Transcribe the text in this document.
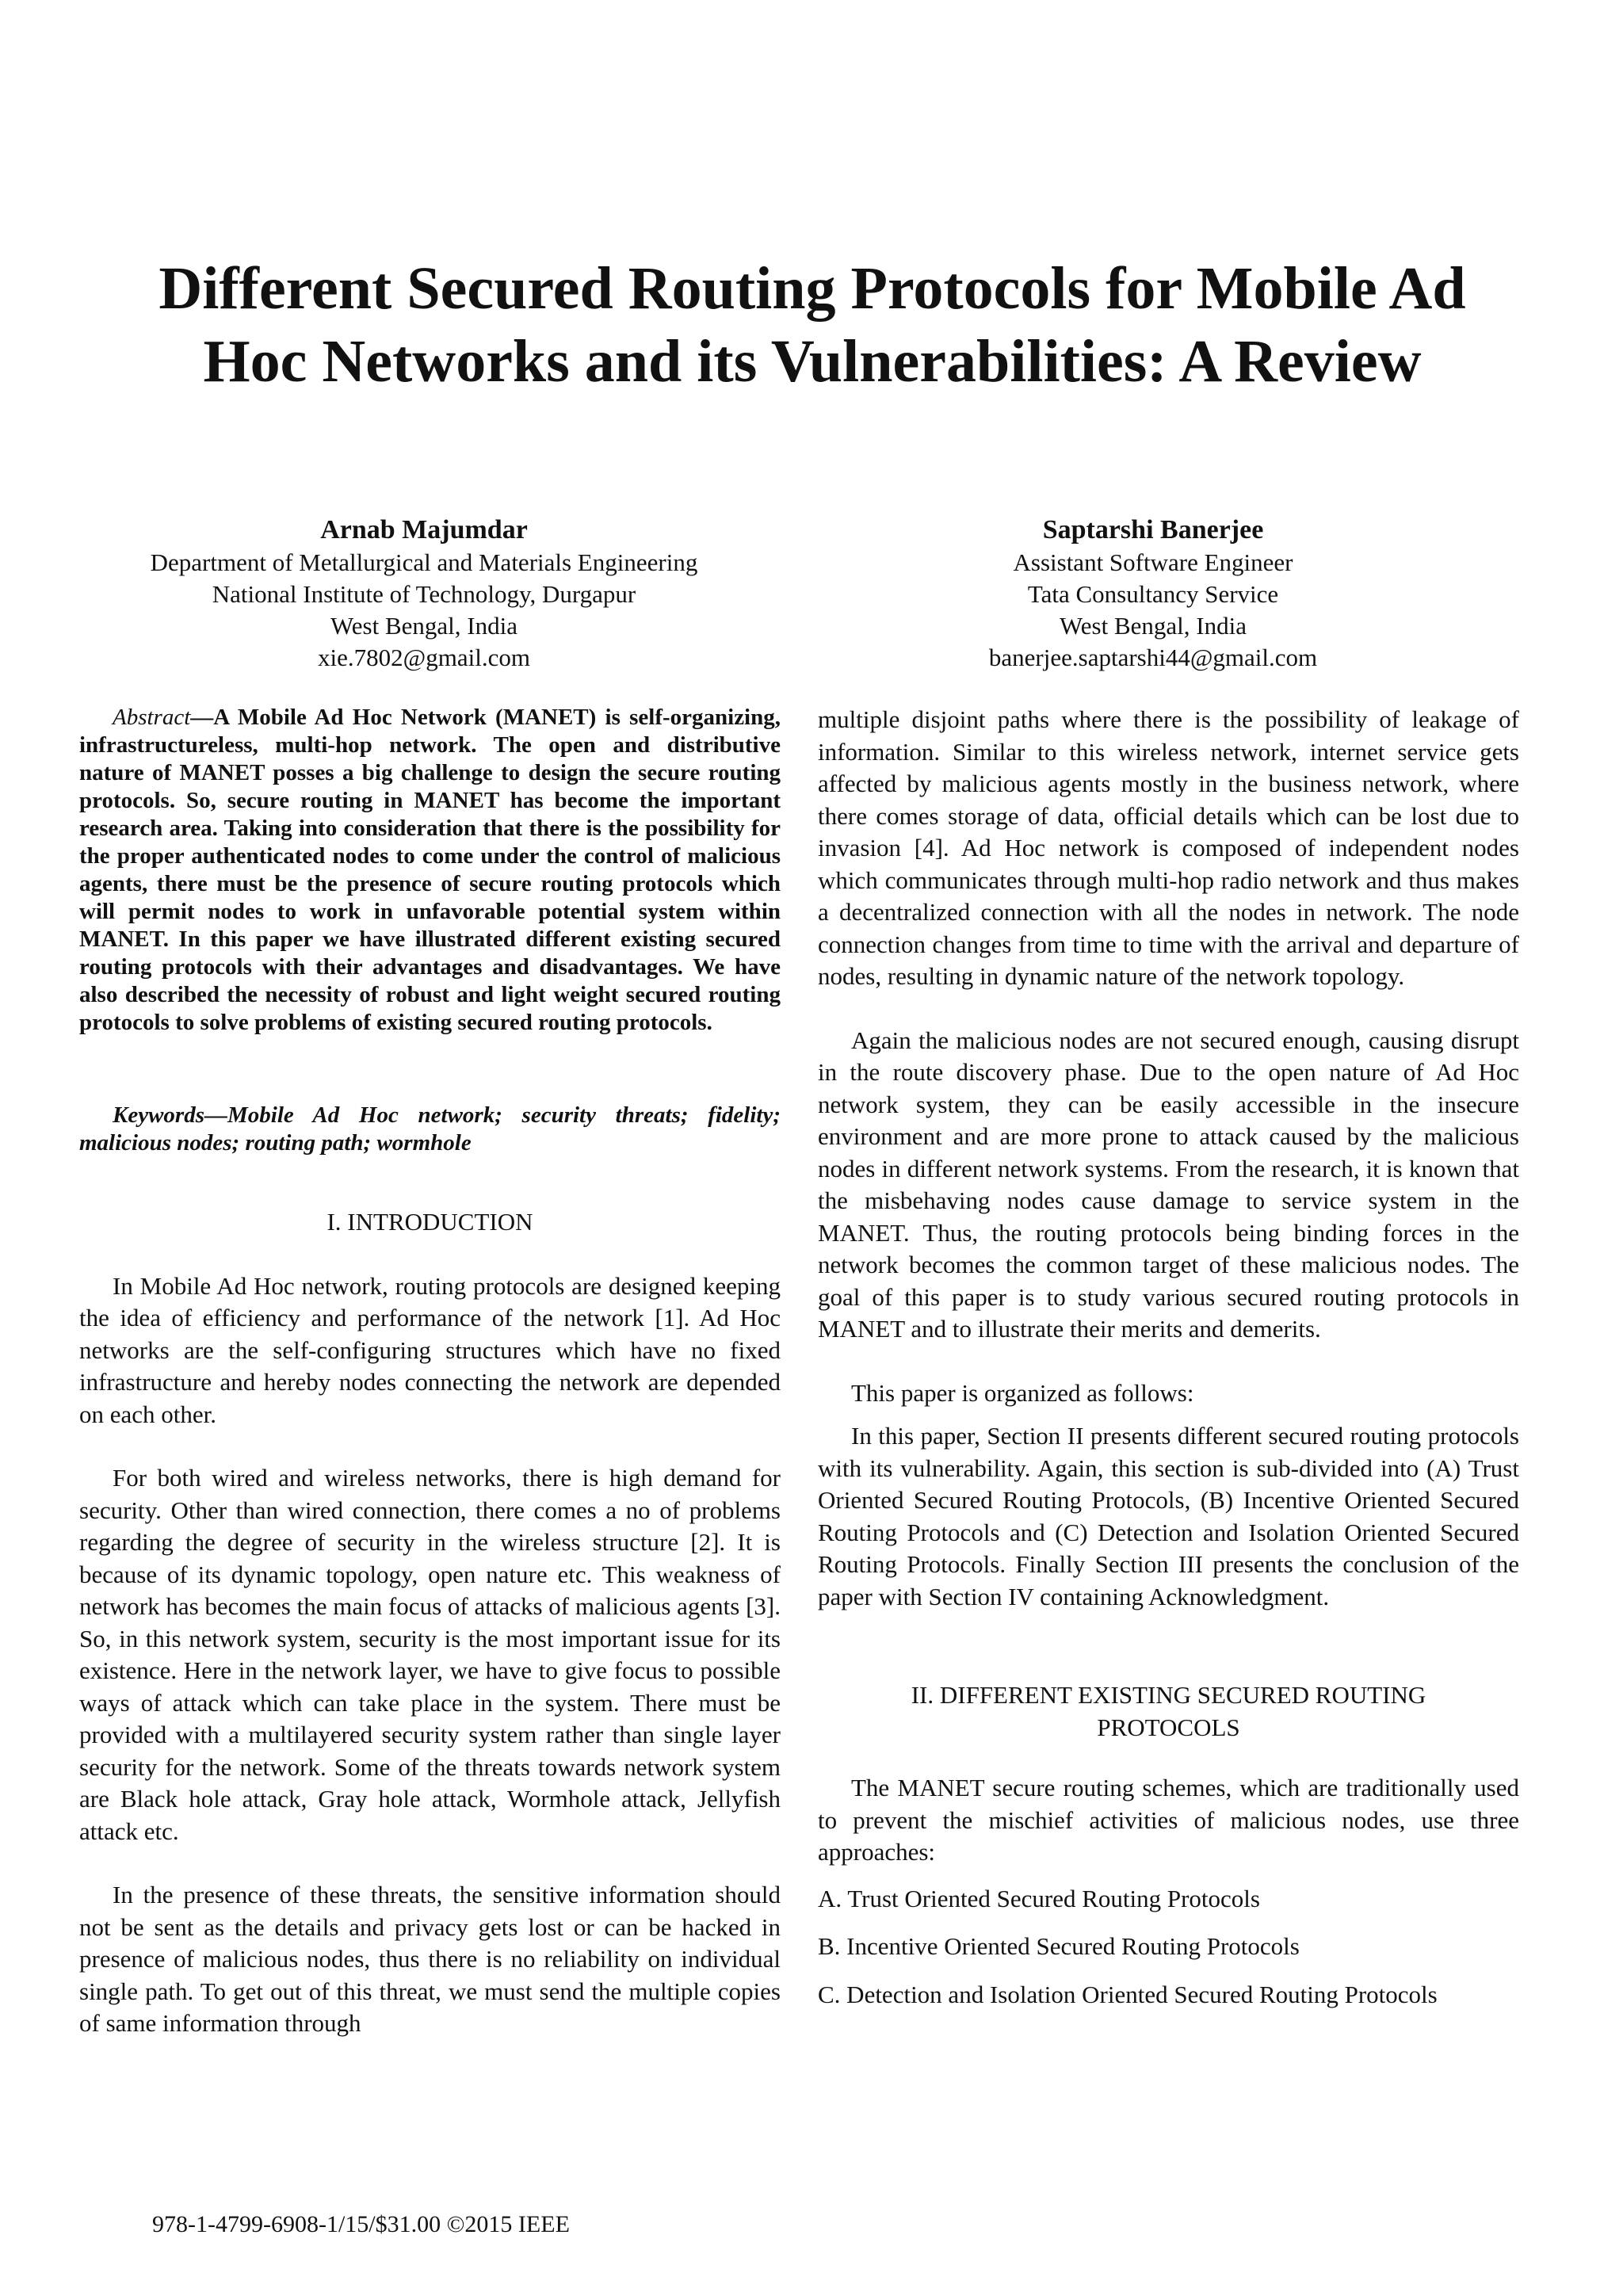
Different Secured Routing Protocols for Mobile Ad Hoc Networks and its Vulnerabilities: A Review
Arnab Majumdar
Department of Metallurgical and Materials Engineering
National Institute of Technology, Durgapur
West Bengal, India
xie.7802@gmail.com
Saptarshi Banerjee
Assistant Software Engineer
Tata Consultancy Service
West Bengal, India
banerjee.saptarshi44@gmail.com

Abstract—A Mobile Ad Hoc Network (MANET) is self-organizing, infrastructureless, multi-hop network. The open and distributive nature of MANET posses a big challenge to design the secure routing protocols. So, secure routing in MANET has become the important research area. Taking into consideration that there is the possibility for the proper authenticated nodes to come under the control of malicious agents, there must be the presence of secure routing protocols which will permit nodes to work in unfavorable potential system within MANET. In this paper we have illustrated different existing secured routing protocols with their advantages and disadvantages. We have also described the necessity of robust and light weight secured routing protocols to solve problems of existing secured routing protocols.

Keywords—Mobile Ad Hoc network; security threats; fidelity; malicious nodes; routing path; wormhole

I. INTRODUCTION

In Mobile Ad Hoc network, routing protocols are designed keeping the idea of efficiency and performance of the network [1]. Ad Hoc networks are the self-configuring structures which have no fixed infrastructure and hereby nodes connecting the network are depended on each other.

For both wired and wireless networks, there is high demand for security. Other than wired connection, there comes a no of problems regarding the degree of security in the wireless structure [2]. It is because of its dynamic topology, open nature etc. This weakness of network has becomes the main focus of attacks of malicious agents [3]. So, in this network system, security is the most important issue for its existence. Here in the network layer, we have to give focus to possible ways of attack which can take place in the system. There must be provided with a multilayered security system rather than single layer security for the network. Some of the threats towards network system are Black hole attack, Gray hole attack, Wormhole attack, Jellyfish attack etc.

In the presence of these threats, the sensitive information should not be sent as the details and privacy gets lost or can be hacked in presence of malicious nodes, thus there is no reliability on individual single path. To get out of this threat, we must send the multiple copies of same information through

multiple disjoint paths where there is the possibility of leakage of information. Similar to this wireless network, internet service gets affected by malicious agents mostly in the business network, where there comes storage of data, official details which can be lost due to invasion [4]. Ad Hoc network is composed of independent nodes which communicates through multi-hop radio network and thus makes a decentralized connection with all the nodes in network. The node connection changes from time to time with the arrival and departure of nodes, resulting in dynamic nature of the network topology.

Again the malicious nodes are not secured enough, causing disrupt in the route discovery phase. Due to the open nature of Ad Hoc network system, they can be easily accessible in the insecure environment and are more prone to attack caused by the malicious nodes in different network systems. From the research, it is known that the misbehaving nodes cause damage to service system in the MANET. Thus, the routing protocols being binding forces in the network becomes the common target of these malicious nodes. The goal of this paper is to study various secured routing protocols in MANET and to illustrate their merits and demerits.

This paper is organized as follows:

In this paper, Section II presents different secured routing protocols with its vulnerability. Again, this section is sub-divided into (A) Trust Oriented Secured Routing Protocols, (B) Incentive Oriented Secured Routing Protocols and (C) Detection and Isolation Oriented Secured Routing Protocols. Finally Section III presents the conclusion of the paper with Section IV containing Acknowledgment.

II. DIFFERENT EXISTING SECURED ROUTING

PROTOCOLS

The MANET secure routing schemes, which are traditionally used to prevent the mischief activities of malicious nodes, use three approaches:

A. Trust Oriented Secured Routing Protocols

B. Incentive Oriented Secured Routing Protocols

C. Detection and Isolation Oriented Secured Routing Protocols

978-1-4799-6908-1/15/$31.00 ©2015 IEEE
